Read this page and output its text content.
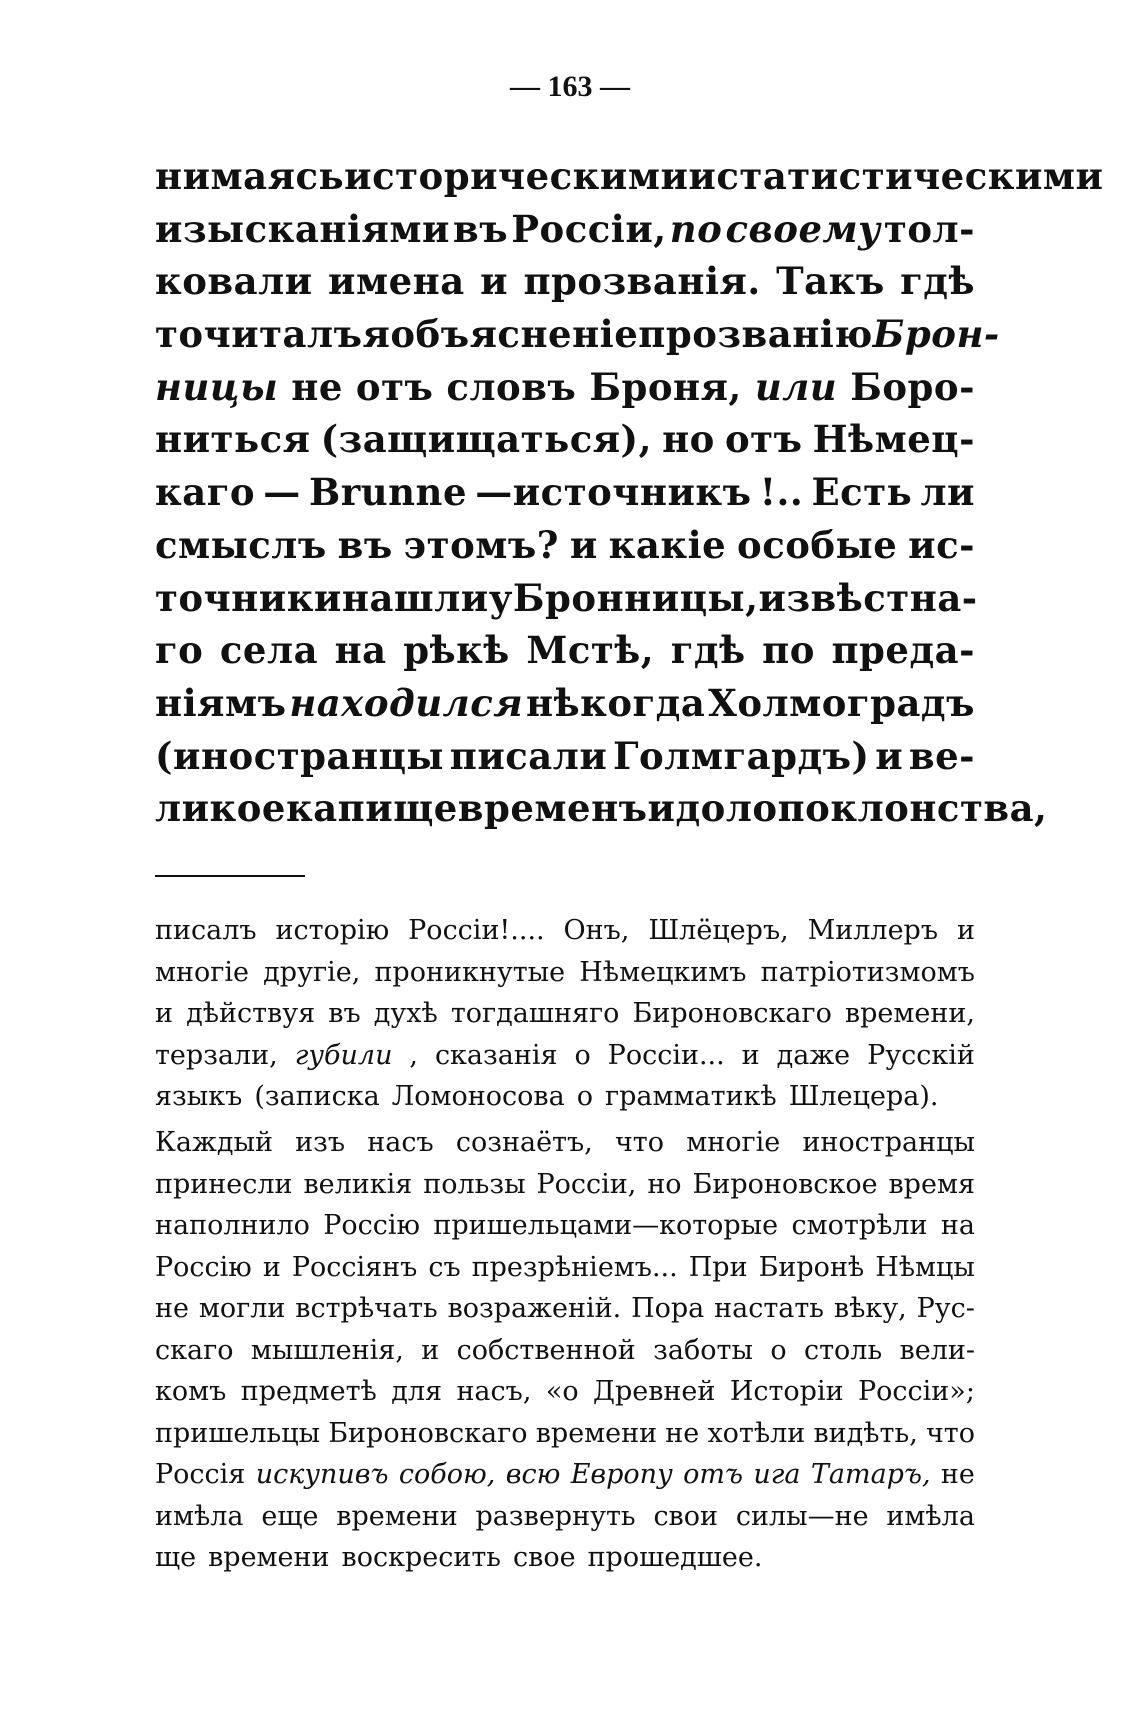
— 163 —
нимаясь историческими и статистическими
изысканіями въ Россіи, по своему тол-
ковали именa и прозванія. Такъ гдѣ
то читалъ я объясненіе прозванію Брон-
ницы не отъ словъ Броня, или Боро-
ниться (защищаться), но отъ Нѣмец-
каго — Brunne —источникъ !.. Есть ли
смыслъ въ этомъ? и какіе особые ис-
точники нашли у Бронницы, извѣстна-
го села на рѣкѣ Мстѣ, гдѣ по преда-
ніямъ находился нѣкогда Холмоградъ
(иностранцы писали Голмгардъ) и ве-
ликое капище временъ идолопоклонства,
писалъ исторію Россіи!.... Онъ, Шлёцеръ, Миллеръ и
многіе другіе, проникнутые Нѣмецкимъ патріотизмомъ
и дѣйствуя въ духѣ тогдашняго Бироновскаго времени,
терзали, губили , сказанія о Россіи... и даже Русскій
языкъ (записка Ломоносова о грамматикѣ Шлецера).
Каждый изъ насъ сознаётъ, что многіе иностранцы
принесли великія пользы Россіи, но Бироновское время
наполнило Россію пришельцами—которые смотрѣли на
Россію и Россіянъ съ презрѣніемъ... При Биронѣ Нѣмцы
не могли встрѣчать возраженій. Пора настать вѣку, Рус-
скаго мышленія, и собственной заботы о столь вели-
комъ предметѣ для насъ, «о Древней Исторіи Россіи»;
пришельцы Бироновскаго времени не хотѣли видѣть, что
Россія искупивъ собою, всю Европу отъ ига Татаръ, не
имѣла еще времени развернуть свои силы—не имѣла
ще времени воскресить свое прошедшее.
